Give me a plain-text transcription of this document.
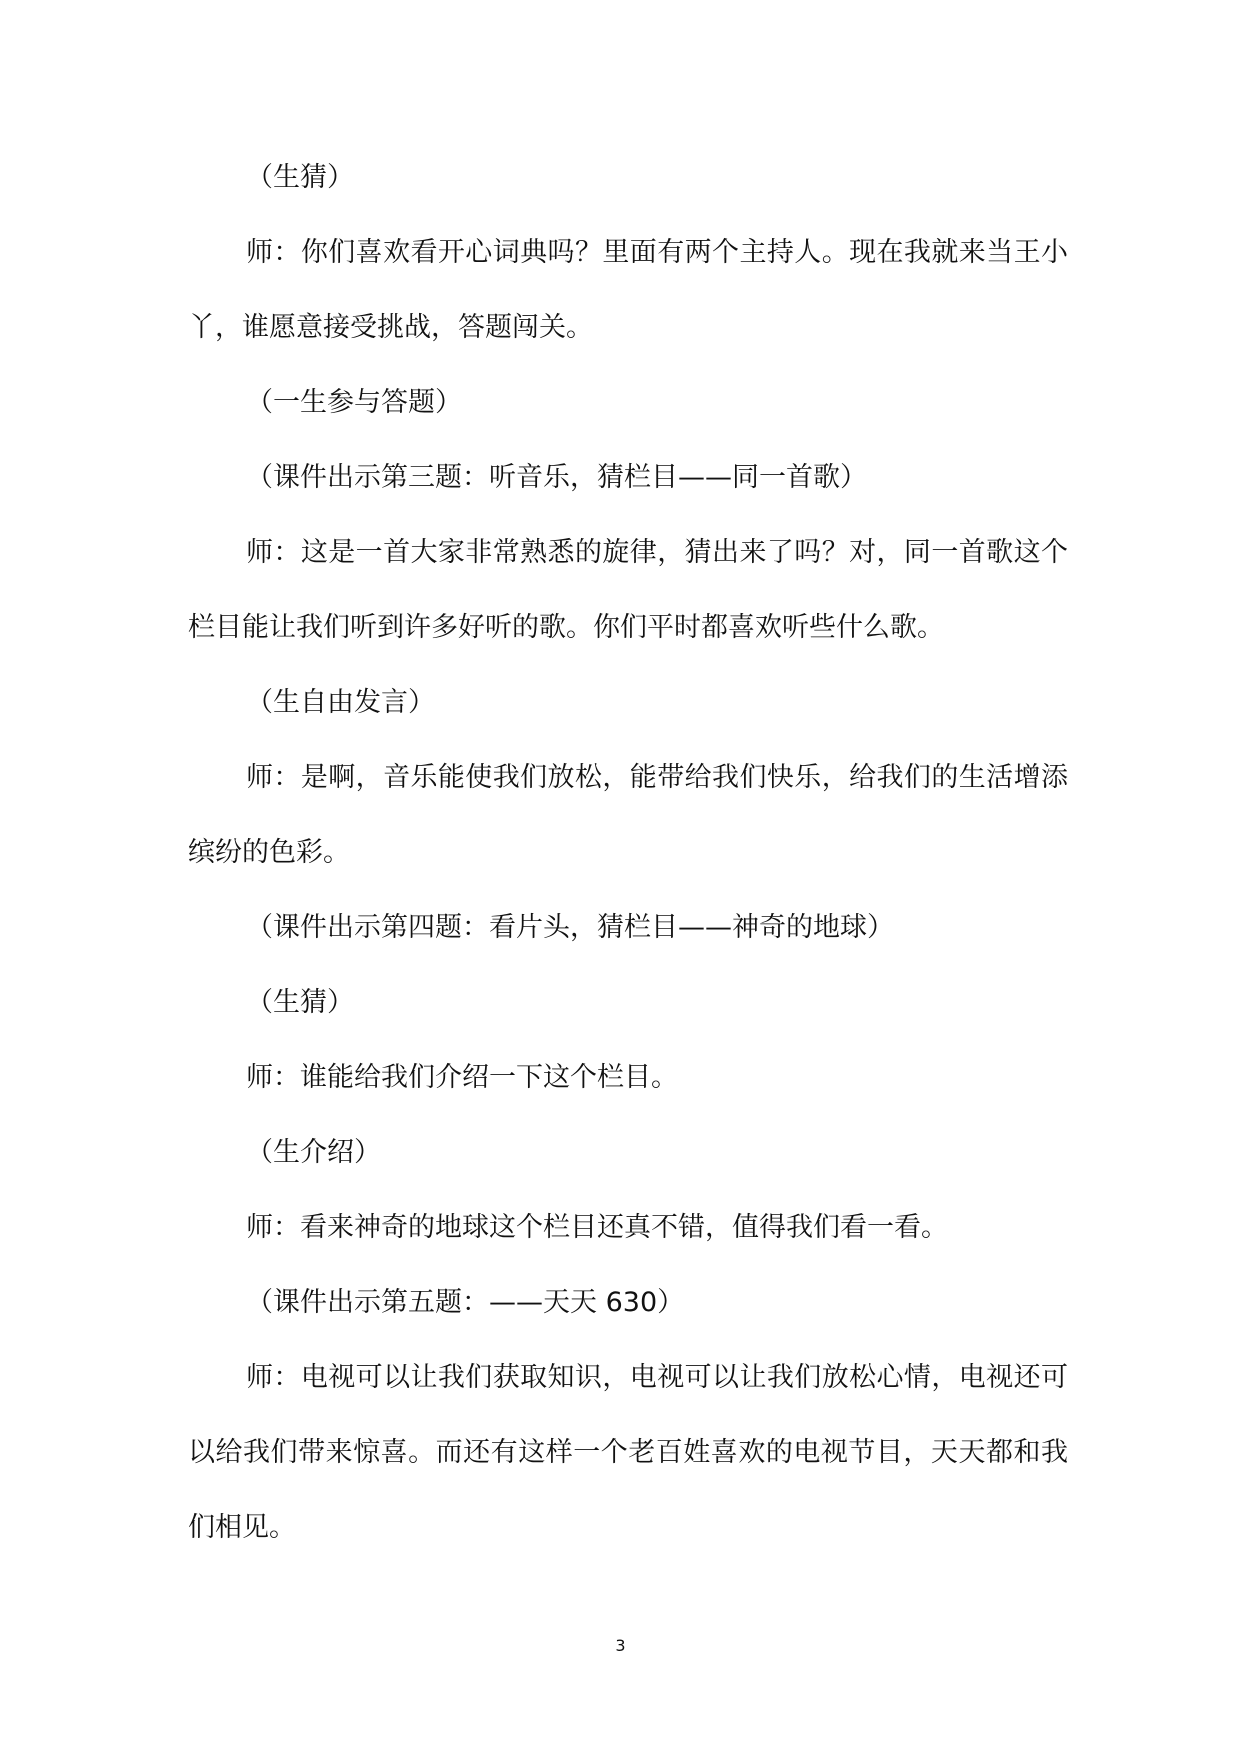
（生猜）

师：你们喜欢看开心词典吗？里面有两个主持人。现在我就来当王小丫，谁愿意接受挑战，答题闯关。

（一生参与答题）

（课件出示第三题：听音乐，猜栏目——同一首歌）

师：这是一首大家非常熟悉的旋律，猜出来了吗？对，同一首歌这个栏目能让我们听到许多好听的歌。你们平时都喜欢听些什么歌。

（生自由发言）

师：是啊，音乐能使我们放松，能带给我们快乐，给我们的生活增添缤纷的色彩。

（课件出示第四题：看片头，猜栏目——神奇的地球）

（生猜）

师：谁能给我们介绍一下这个栏目。

（生介绍）

师：看来神奇的地球这个栏目还真不错，值得我们看一看。

（课件出示第五题：——天天 630）

师：电视可以让我们获取知识，电视可以让我们放松心情，电视还可以给我们带来惊喜。而还有这样一个老百姓喜欢的电视节目，天天都和我们相见。

3
